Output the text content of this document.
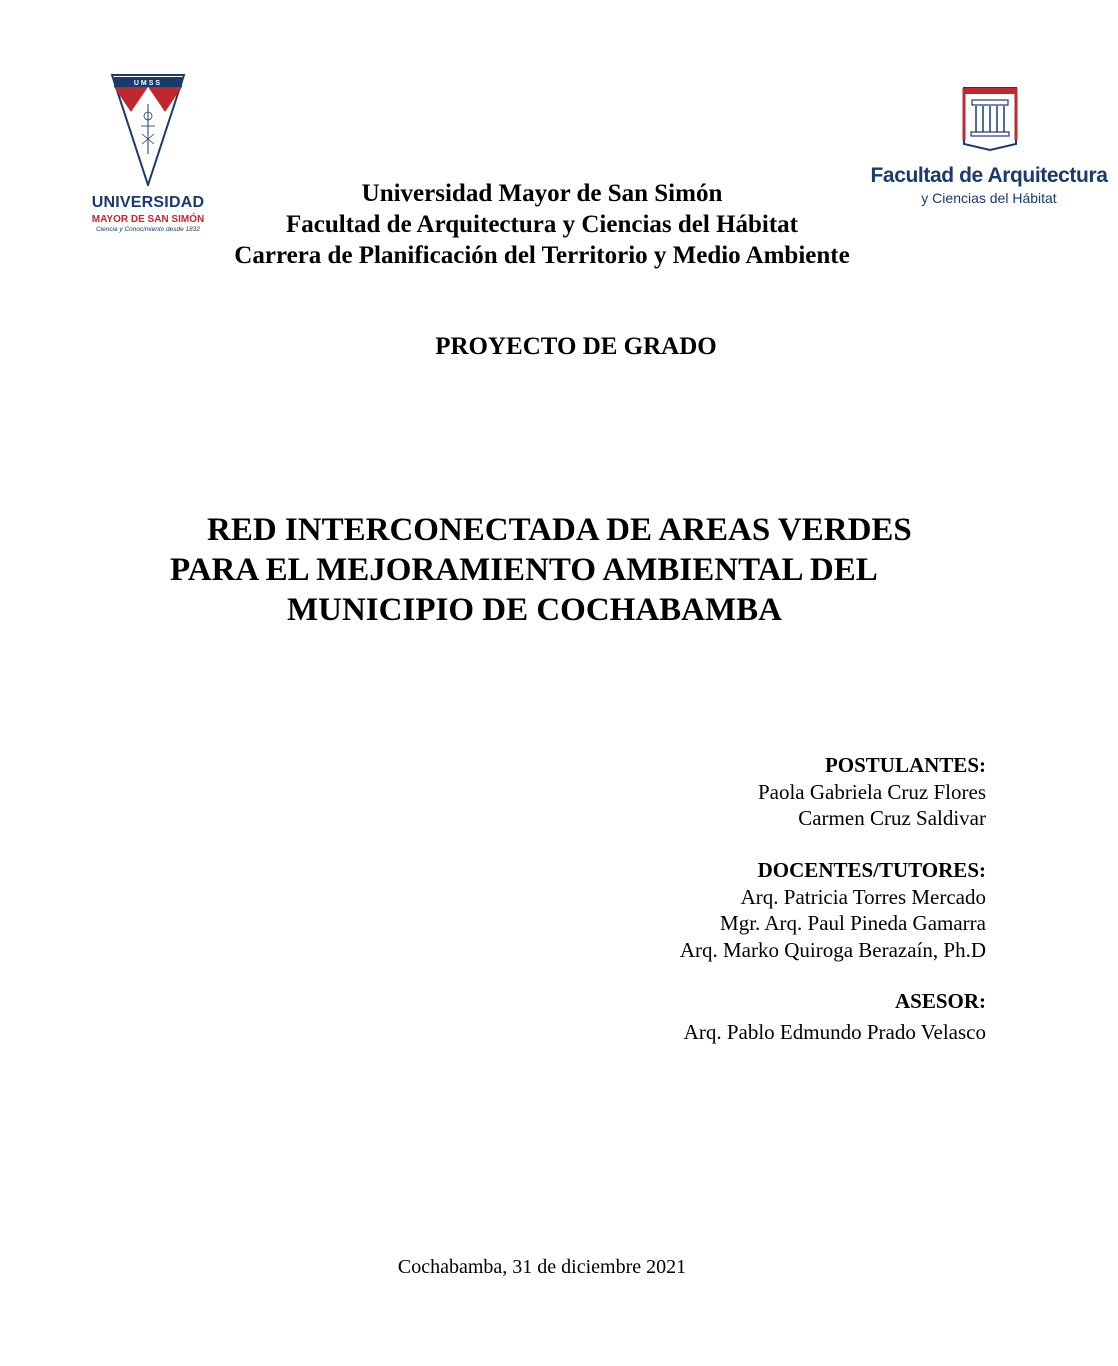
UMSS
UNIVERSIDAD
MAYOR DE SAN SIMÓN
Ciencia y Conocimiento desde 1832
Facultad de Arquitectura
y Ciencias del Hábitat
Universidad Mayor de San Simón
Facultad de Arquitectura y Ciencias del Hábitat
Carrera de Planificación del Territorio y Medio Ambiente
PROYECTO DE GRADO
RED INTERCONECTADA DE AREAS VERDES
PARA EL MEJORAMIENTO AMBIENTAL DEL
MUNICIPIO DE COCHABAMBA
POSTULANTES:
Paola Gabriela Cruz Flores
Carmen Cruz Saldivar
DOCENTES/TUTORES:
Arq. Patricia Torres Mercado
Mgr. Arq. Paul Pineda Gamarra
Arq. Marko Quiroga Berazaín, Ph.D
ASESOR:
Arq. Pablo Edmundo Prado Velasco
Cochabamba, 31 de diciembre 2021
